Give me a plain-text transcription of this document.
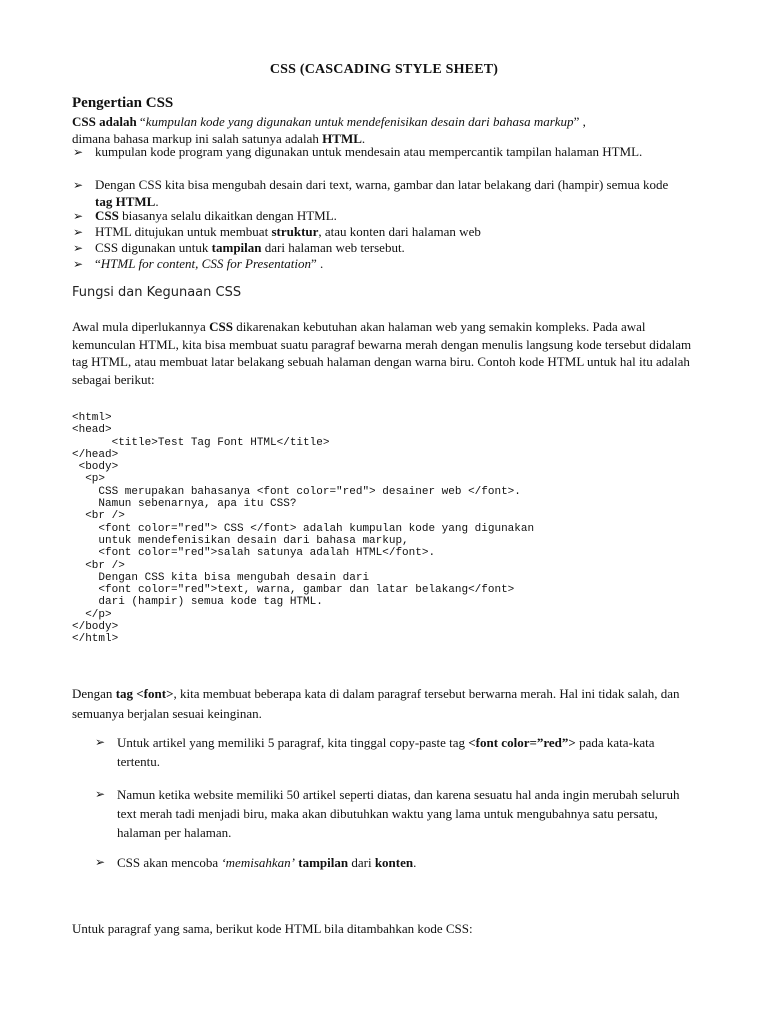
CSS (CASCADING STYLE SHEET)
Pengertian CSS
CSS adalah “kumpulan kode yang digunakan untuk mendefenisikan desain dari bahasa markup” ,
dimana bahasa markup ini salah satunya adalah HTML.
➢ kumpulan kode program yang digunakan untuk mendesain atau mempercantik tampilan halaman HTML.
➢ Dengan CSS kita bisa mengubah desain dari text, warna, gambar dan latar belakang dari (hampir) semua kode tag HTML.
➢ CSS biasanya selalu dikaitkan dengan HTML.
➢ HTML ditujukan untuk membuat struktur, atau konten dari halaman web
➢ CSS digunakan untuk tampilan dari halaman web tersebut.
➢ “HTML for content, CSS for Presentation” .
Fungsi dan Kegunaan CSS
Awal mula diperlukannya CSS dikarenakan kebutuhan akan halaman web yang semakin kompleks. Pada awal kemunculan HTML, kita bisa membuat suatu paragraf bewarna merah dengan menulis langsung kode tersebut didalam tag HTML, atau membuat latar belakang sebuah halaman dengan warna biru. Contoh kode HTML untuk hal itu adalah sebagai berikut:
<html>
<head>
<title>Test Tag Font HTML</title>
</head>
<body>
<p>
CSS merupakan bahasanya <font color="red"> desainer web </font>.
Namun sebenarnya, apa itu CSS?
<br />
<font color="red"> CSS </font> adalah kumpulan kode yang digunakan
untuk mendefenisikan desain dari bahasa markup,
<font color="red">salah satunya adalah HTML</font>.
<br />
Dengan CSS kita bisa mengubah desain dari
<font color="red">text, warna, gambar dan latar belakang</font>
dari (hampir) semua kode tag HTML.
</p>
</body>
</html>
Dengan tag <font>, kita membuat beberapa kata di dalam paragraf tersebut berwarna merah. Hal ini tidak salah, dan semuanya berjalan sesuai keinginan.
➢ Untuk artikel yang memiliki 5 paragraf, kita tinggal copy-paste tag <font color=”red”> pada kata-kata tertentu.
➢ Namun ketika website memiliki 50 artikel seperti diatas, dan karena sesuatu hal anda ingin merubah seluruh text merah tadi menjadi biru, maka akan dibutuhkan waktu yang lama untuk mengubahnya satu persatu, halaman per halaman.
➢ CSS akan mencoba ‘memisahkan’ tampilan dari konten.
Untuk paragraf yang sama, berikut kode HTML bila ditambahkan kode CSS:
